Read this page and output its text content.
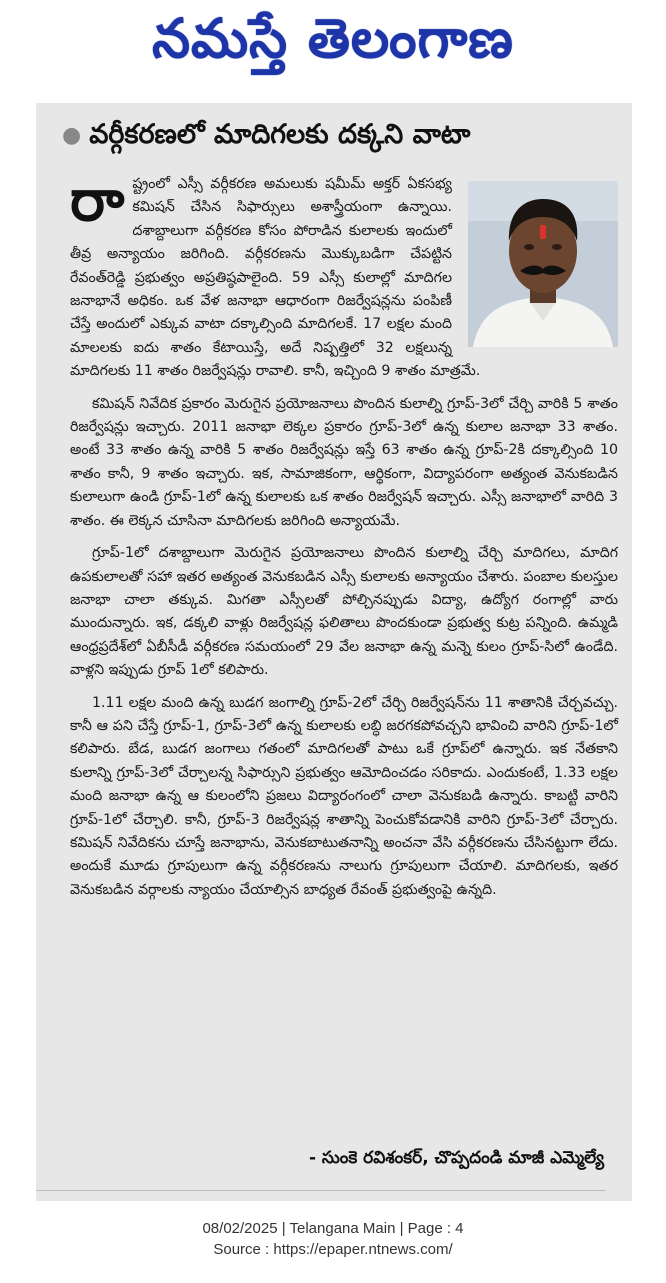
నమస్తే తెలంగాణ
● వర్గీకరణలో మాదిగలకు దక్కని వాటా

రా ష్ట్రంలో ఎస్సీ వర్గీకరణ అమలుకు షమీమ్ అక్తర్ ఏకసభ్య కమిషన్ చేసిన సిఫార్సులు అశాస్త్రీయంగా ఉన్నాయి. దశాబ్దాలుగా వర్గీకరణ కోసం పోరాడిన కులాలకు ఇందులో తీవ్ర అన్యాయం జరిగింది. వర్గీకరణను మొక్కుబడిగా చేపట్టిన రేవంత్‌రెడ్డి ప్రభుత్వం అప్రతిష్ఠపాలైంది. 59 ఎస్సీ కులాల్లో మాదిగల జనాభానే అధికం. ఒక వేళ జనాభా ఆధారంగా రిజర్వేషన్లను పంపిణీ చేస్తే అందులో ఎక్కువ వాటా దక్కాల్సింది మాదిగలకే. 17 లక్షల మంది మాలలకు ఐదు శాతం కేటాయిస్తే, అదే నిష్పత్తిలో 32 లక్షలున్న మాదిగలకు 11 శాతం రిజర్వేషన్లు రావాలి. కానీ, ఇచ్చింది 9 శాతం మాత్రమే.

కమిషన్ నివేదిక ప్రకారం మెరుగైన ప్రయోజనాలు పొందిన కులాల్ని గ్రూప్-3లో చేర్చి వారికి 5 శాతం రిజర్వేషన్లు ఇచ్చారు. 2011 జనాభా లెక్కల ప్రకారం గ్రూప్-3లో ఉన్న కులాల జనాభా 33 శాతం. అంటే 33 శాతం ఉన్న వారికి 5 శాతం రిజర్వేషన్లు ఇస్తే 63 శాతం ఉన్న గ్రూప్-2కి దక్కాల్సింది 10 శాతం కానీ, 9 శాతం ఇచ్చారు. ఇక, సామాజికంగా, ఆర్థికంగా, విద్యాపరంగా అత్యంత వెనుకబడిన కులాలుగా ఉండి గ్రూప్-1లో ఉన్న కులాలకు ఒక శాతం రిజర్వేషన్ ఇచ్చారు. ఎస్సీ జనాభాలో వారిది 3 శాతం. ఈ లెక్కన చూసినా మాదిగలకు జరిగింది అన్యాయమే.

గ్రూప్-1లో దశాబ్దాలుగా మెరుగైన ప్రయోజనాలు పొందిన కులాల్ని చేర్చి మాదిగలు, మాదిగ ఉపకులాలతో సహా ఇతర అత్యంత వెనుకబడిన ఎస్సీ కులాలకు అన్యాయం చేశారు. పంబాల కులస్తుల జనాభా చాలా తక్కువ. మిగతా ఎస్సీలతో పోల్చినప్పుడు విద్యా, ఉద్యోగ రంగాల్లో వారు ముందున్నారు. ఇక, డక్కలి వాళ్లు రిజర్వేషన్ల ఫలితాలు పొందకుండా ప్రభుత్వ కుట్ర పన్నింది. ఉమ్మడి ఆంధ్రప్రదేశ్‌లో ఏబీసీడీ వర్గీకరణ సమయంలో 29 వేల జనాభా ఉన్న మన్నె కులం గ్రూప్-సిలో ఉండేది. వాళ్లని ఇప్పుడు గ్రూప్ 1లో కలిపారు.

1.11 లక్షల మంది ఉన్న బుడగ జంగాల్ని గ్రూప్-2లో చేర్చి రిజర్వేషన్‌ను 11 శాతానికి చేర్చవచ్చు. కానీ ఆ పని చేస్తే గ్రూప్-1, గ్రూప్-3లో ఉన్న కులాలకు లబ్ధి జరగకపోవచ్చని భావించి వారిని గ్రూప్-1లో కలిపారు. బేడ, బుడగ జంగాలు గతంలో మాదిగలతో పాటు ఒకే గ్రూప్‌లో ఉన్నారు. ఇక నేతకాని కులాన్ని గ్రూప్-3లో చేర్చాలన్న సిఫార్సుని ప్రభుత్వం ఆమోదించడం సరికాదు. ఎందుకంటే, 1.33 లక్షల మంది జనాభా ఉన్న ఆ కులంలోని ప్రజలు విద్యారంగంలో చాలా వెనుకబడి ఉన్నారు. కాబట్టి వారిని గ్రూప్-1లో చేర్చాలి. కానీ, గ్రూప్-3 రిజర్వేషన్ల శాతాన్ని పెంచుకోవడానికి వారిని గ్రూప్-3లో చేర్చారు. కమిషన్ నివేదికను చూస్తే జనాభాను, వెనుకబాటుతనాన్ని అంచనా వేసి వర్గీకరణను చేసినట్టుగా లేదు. అందుకే మూడు గ్రూపులుగా ఉన్న వర్గీకరణను నాలుగు గ్రూపులుగా చేయాలి. మాదిగలకు, ఇతర వెనుకబడిన వర్గాలకు న్యాయం చేయాల్సిన బాధ్యత రేవంత్ ప్రభుత్వంపై ఉన్నది.

- సుంకె రవిశంకర్, చొప్పదండి మాజీ ఎమ్మెల్యే
08/02/2025 | Telangana Main | Page : 4
Source : https://epaper.ntnews.com/
